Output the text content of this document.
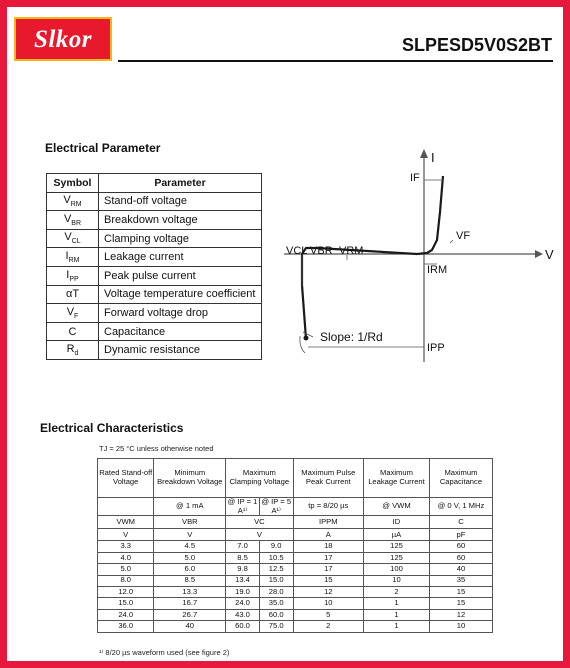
Slkor	SLPESD5V0S2BT
Electrical Parameter
Symbol	Parameter
$V_{RM}$	Stand-off voltage
$V_{BR}$	Breakdown voltage
$V_{CL}$	Clamping voltage
$I_{RM}$	Leakage current
$I_{PP}$	Peak pulse current
αT	Voltage temperature coefficient
$V_F$	Forward voltage drop
C	Capacitance
$R_d$	Dynamic resistance
I
IF
VF
V
VCL VBR VRM
IRM
Slope: 1/Rd
IPP
Electrical Characteristics
TJ = 25 °C unless otherwise noted
Rated Stand-off Voltage	Minimum Breakdown Voltage	Maximum Clamping Voltage		Maximum Pulse Peak Current	Maximum Leakage Current	Maximum Capacitance
	@ 1 mA	@ IP = 1 A¹⁾	@ IP = 5 A¹⁾	tp = 8/20 µs	@ VWM	@ 0 V, 1 MHz
VWM	VBR	VC		IPPM	ID	C
V	V	V		A	µA	pF
3.3	4.5	7.0	9.0	18	125	60
4.0	5.0	8.5	10.5	17	125	60
5.0	6.0	9.8	12.5	17	100	40
8.0	8.5	13.4	15.0	15	10	35
12.0	13.3	19.0	28.0	12	2	15
15.0	16.7	24.0	35.0	10	1	15
24.0	26.7	43.0	60.0	5	1	12
36.0	40	60.0	75.0	2	1	10
¹⁾ 8/20 µs waveform used (see figure 2)
